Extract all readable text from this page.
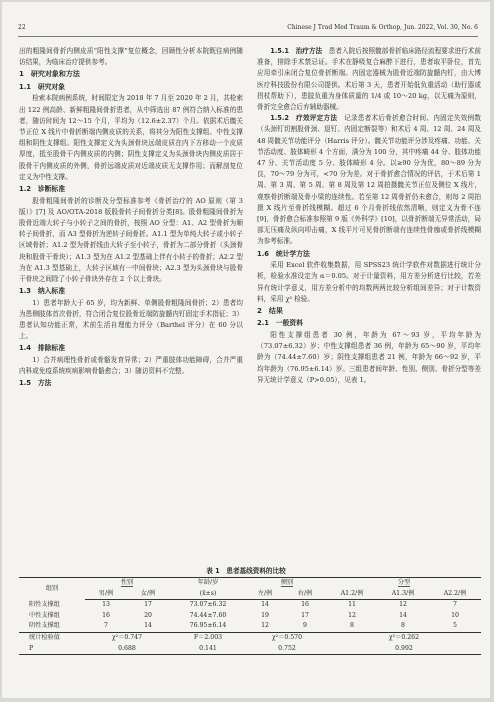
22	Chinese J Trad Med Traum & Orthop, Jun. 2022, Vol. 30, No. 6

出的粗隆间骨折内侧皮质“阳性支撑”复位概念，回顾性分析本院既往病例随访结果，为临床治疗提供参考。

1　研究对象和方法

1.1　研究对象

检索本院病例系统，时间限定为 2018 年 7 月至 2020 年 2 月，共检索出 122 例高龄、新鲜粗隆间骨折患者，从中筛选出 87 例符合纳入标准的患者，随访时间为 12～15 个月，平均为（12.6±2.37）个月。依据术后髋关节正位 X 线片中骨折断端内侧皮质的关系，将其分为阳性支撑组、中性支撑组和阴性支撑组。阳性支撑定义为头颈骨块远端皮质在内下方移动一个皮质厚度，抵至股骨干内侧皮质的内侧；阴性支撑定义为头颈骨块内侧皮质居于股骨干内侧皮质的外侧，骨折远端皮质对近端皮质无支撑作用；而解剖复位定义为中性支撑。

1.2　诊断标准

股骨粗隆间骨折的诊断及分型标准参考《骨折治疗的 AO 原则（第 3 版）》[7] 及 AO/OTA-2018 版股骨转子间骨折分类[8]。股骨粗隆间骨折为股骨近端大转子与小转子之间的骨折，按照 AO 分型：A1、A2 型骨折为顺转子间骨折，而 A3 型骨折为逆转子间骨折。A1.1 型为单纯大转子或小转子区域骨折；A1.2 型为骨折线由大转子至小转子，骨折为二部分骨折（头颈骨块和股骨干骨块）；A1.3 型为在 A1.2 型基础上伴有小转子的骨折；A2.2 型为在 A1.3 型基础上，大转子区域有一中间骨块；A2.3 型为头颈骨块与股骨干骨块之间除了小转子骨块外存在 2 个以上骨块。

1.3　纳入标准

1）患者年龄大于 65 岁，均为新鲜、单侧股骨粗隆间骨折；2）患者均为患侧肢体首次骨折，符合闭合复位股骨近端防旋髓内钉固定手术指征；3）患者认知功能正常，术前生活自理能力评分（Barthel 评分）在 60 分以上。

1.4　排除标准

1）合并病理性骨折或骨骼发育异常；2）严重肢体功能障碍，合并严重内科或免疫系统疾病影响骨骼愈合；3）随访资料不完整。

1.5　方法

1.5.1　治疗方法　 患者入院后按照髋部骨折临床路径流程要求进行术前准备，排除手术禁忌证。手术在静吸复合麻醉下进行，患者取平卧位，首先应用牵引床闭合复位骨折断端。内固定器械为股骨近端防旋髓内钉，由大博医疗科技股份有限公司提供。术后第 3 天，患者开始低负重活动（助行器或拐杖帮助下），患肢负重为身体质量的 1/4 或 10～20 kg，以无痛为原则，骨折完全愈合后弃辅助器械。

1.5.2　疗效评定方法　 记录患者术后骨折愈合时间、内固定失效例数（头颈钉切割股骨颈、退钉、内固定断裂等）和术后 4 周、12 周、24 周及 48 周髋关节功能评分（Harris 评分）。髋关节功能评分涉及疼痛、功能、关节活动度、肢体畸形 4 个方面，满分为 100 分，其中疼痛 44 分、肢体功能 47 分、关节活动度 5 分、肢体畸形 4 分。以≥90 分为优，80～89 分为良，70～79 分为可，<70 分为差。对于骨折愈合情况的评估，于术后第 1 周、第 3 周、第 5 周、第 8 周及第 12 周拍摄髋关节正位及侧位 X 线片，观察骨折断端及骨小梁的连续性。若至第 12 周骨折仍未愈合，则每 2 周拍摄 X 线片至骨折线模糊。超过 6 个月骨折线依然清晰，则定义为骨不连[9]，骨折愈合标准参照第 9 版《外科学》[10]，以骨折断端无异常活动，局部无压痛及纵向叩击痛，X 线平片可见骨折断端有连续性骨痂或骨折线模糊为参考标准。

1.6　统计学方法

采用 Excel 软件收集数据，用 SPSS23 统计学软件对数据进行统计分析，检验水准设定为 α＝0.05。对于计量资料，用方差分析进行比较，若差异有统计学意义，用方差分析中的均数两两比较分析组间差异；对于计数资料，采用 χ² 检验。

2　结果

2.1　一般资料

阳性支撑组患者 30 例，年龄为 67～93 岁，平均年龄为（73.07±6.32）岁；中性支撑组患者 36 例，年龄为 65～90 岁，平均年龄为（74.44±7.60）岁；阴性支撑组患者 21 例，年龄为 66～92 岁，平均年龄为（76.95±6.14）岁。三组患者间年龄、性别、侧别、骨折分型等差异无统计学意义（P>0.05），见表 1。

表 1　患者基线资料的比较
组别	性别		年龄/岁	侧别		分型		
	男/例	女/例	(x̄±s)	左/例	右/例	A1.2/例	A1.3/例	A2.2/例
阳性支撑组	13	17	73.07±6.32	14	16	11	12	7
中性支撑组	16	20	74.44±7.60	19	17	12	14	10
阴性支撑组	7	14	76.95±6.14	12	9	8	8	5
统计检验值	χ²＝0.747		F＝2.003	χ²＝0.570		χ²＝0.262		
P	0.688		0.141	0.752		0.992		
